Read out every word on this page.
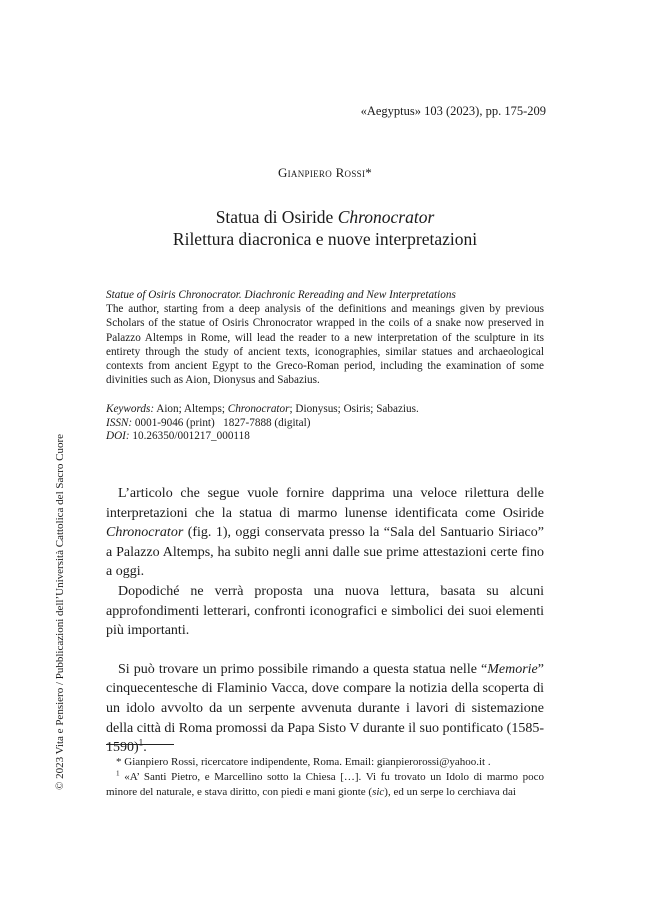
«Aegyptus» 103 (2023), pp. 175-209
Gianpiero Rossi*
Statua di Osiride Chronocrator
Rilettura diacronica e nuove interpretazioni
Statue of Osiris Chronocrator. Diachronic Rereading and New Interpretations

The author, starting from a deep analysis of the definitions and meanings given by previous Scholars of the statue of Osiris Chronocrator wrapped in the coils of a snake now preserved in Palazzo Altemps in Rome, will lead the reader to a new interpretation of the sculpture in its entirety through the study of ancient texts, iconographies, similar statues and archaeological contexts from ancient Egypt to the Greco-Roman period, including the examination of some divinities such as Aion, Dionysus and Sabazius.

Keywords: Aion; Altemps; Chronocrator; Dionysus; Osiris; Sabazius.
ISSN: 0001-9046 (print)   1827-7888 (digital)
DOI: 10.26350/001217_000118

L’articolo che segue vuole fornire dapprima una veloce rilettura delle interpretazioni che la statua di marmo lunense identificata come Osiride Chronocrator (fig. 1), oggi conservata presso la “Sala del Santuario Siriaco” a Palazzo Altemps, ha subito negli anni dalle sue prime attestazioni certe fino a oggi.

Dopodiché ne verrà proposta una nuova lettura, basata su alcuni approfondimenti letterari, confronti iconografici e simbolici dei suoi elementi più importanti.

Si può trovare un primo possibile rimando a questa statua nelle “Memorie” cinquecentesche di Flaminio Vacca, dove compare la notizia della scoperta di un idolo avvolto da un serpente avvenuta durante i lavori di sistemazione della città di Roma promossi da Papa Sisto V durante il suo pontificato (1585-1590)$^1$.

* Gianpiero Rossi, ricercatore indipendente, Roma. Email: gianpierorossi@yahoo.it .

$^1$ «A’ Santi Pietro, e Marcellino sotto la Chiesa […]. Vi fu trovato un Idolo di marmo poco minore del naturale, e stava diritto, con piedi e mani gionte (sic), ed un serpe lo cerchiava dai

© 2023 Vita e Pensiero / Pubblicazioni dell’Università Cattolica del Sacro Cuore
